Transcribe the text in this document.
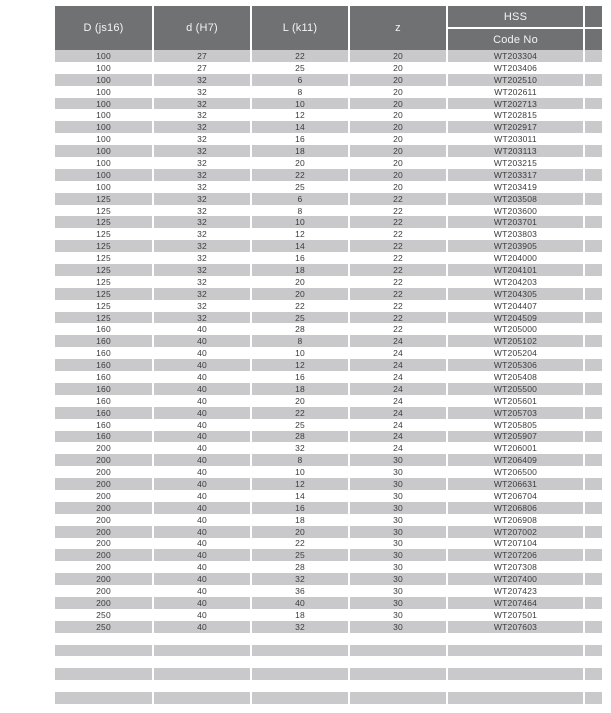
D (js16)	d (H7)	L (k11)	z
HSS
Code No
100	27	22	20	WT203304
100	27	25	20	WT203406
100	32	6	20	WT202510
100	32	8	20	WT202611
100	32	10	20	WT202713
100	32	12	20	WT202815
100	32	14	20	WT202917
100	32	16	20	WT203011
100	32	18	20	WT203113
100	32	20	20	WT203215
100	32	22	20	WT203317
100	32	25	20	WT203419
125	32	6	22	WT203508
125	32	8	22	WT203600
125	32	10	22	WT203701
125	32	12	22	WT203803
125	32	14	22	WT203905
125	32	16	22	WT204000
125	32	18	22	WT204101
125	32	20	22	WT204203
125	32	20	22	WT204305
125	32	22	22	WT204407
125	32	25	22	WT204509
160	40	28	22	WT205000
160	40	8	24	WT205102
160	40	10	24	WT205204
160	40	12	24	WT205306
160	40	16	24	WT205408
160	40	18	24	WT205500
160	40	20	24	WT205601
160	40	22	24	WT205703
160	40	25	24	WT205805
160	40	28	24	WT205907
200	40	32	24	WT206001
200	40	8	30	WT206409
200	40	10	30	WT206500
200	40	12	30	WT206631
200	40	14	30	WT206704
200	40	16	30	WT206806
200	40	18	30	WT206908
200	40	20	30	WT207002
200	40	22	30	WT207104
200	40	25	30	WT207206
200	40	28	30	WT207308
200	40	32	30	WT207400
200	40	36	30	WT207423
200	40	40	30	WT207464
250	40	18	30	WT207501
250	40	32	30	WT207603
